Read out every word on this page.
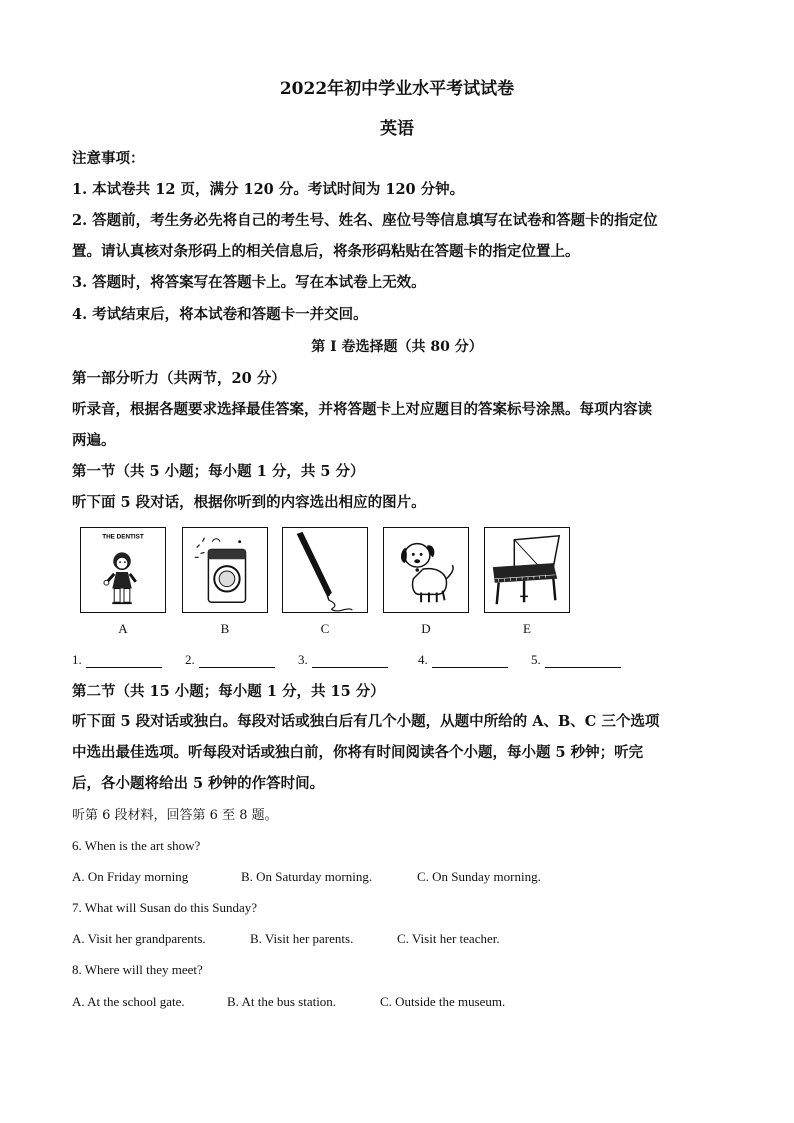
2022年初中学业水平考试试卷
英语
注意事项：
1. 本试卷共 12 页，满分 120 分。考试时间为 120 分钟。
2. 答题前，考生务必先将自己的考生号、姓名、座位号等信息填写在试卷和答题卡的指定位
置。请认真核对条形码上的相关信息后，将条形码粘贴在答题卡的指定位置上。
3. 答题时，将答案写在答题卡上。写在本试卷上无效。
4. 考试结束后，将本试卷和答题卡一并交回。
第 I 卷选择题（共 80 分）
第一部分听力（共两节，20 分）
听录音，根据各题要求选择最佳答案，并将答题卡上对应题目的答案标号涂黑。每项内容读
两遍。
第一节（共 5 小题；每小题 1 分，共 5 分）
听下面 5 段对话，根据你听到的内容选出相应的图片。
THE DENTIST
A	B	C	D	E
1.	2.	3.	4.	5.
第二节（共 15 小题；每小题 1 分，共 15 分）
听下面 5 段对话或独白。每段对话或独白后有几个小题，从题中所给的 A、B、C 三个选项
中选出最佳选项。听每段对话或独白前，你将有时间阅读各个小题，每小题 5 秒钟；听完
后，各小题将给出 5 秒钟的作答时间。
听第 6 段材料，回答第 6 至 8 题。
6. When is the art show?
A. On Friday morning	B. On Saturday morning.	C. On Sunday morning.
7. What will Susan do this Sunday?
A. Visit her grandparents.	B. Visit her parents.	C. Visit her teacher.
8. Where will they meet?
A. At the school gate.	B. At the bus station.	C. Outside the museum.
